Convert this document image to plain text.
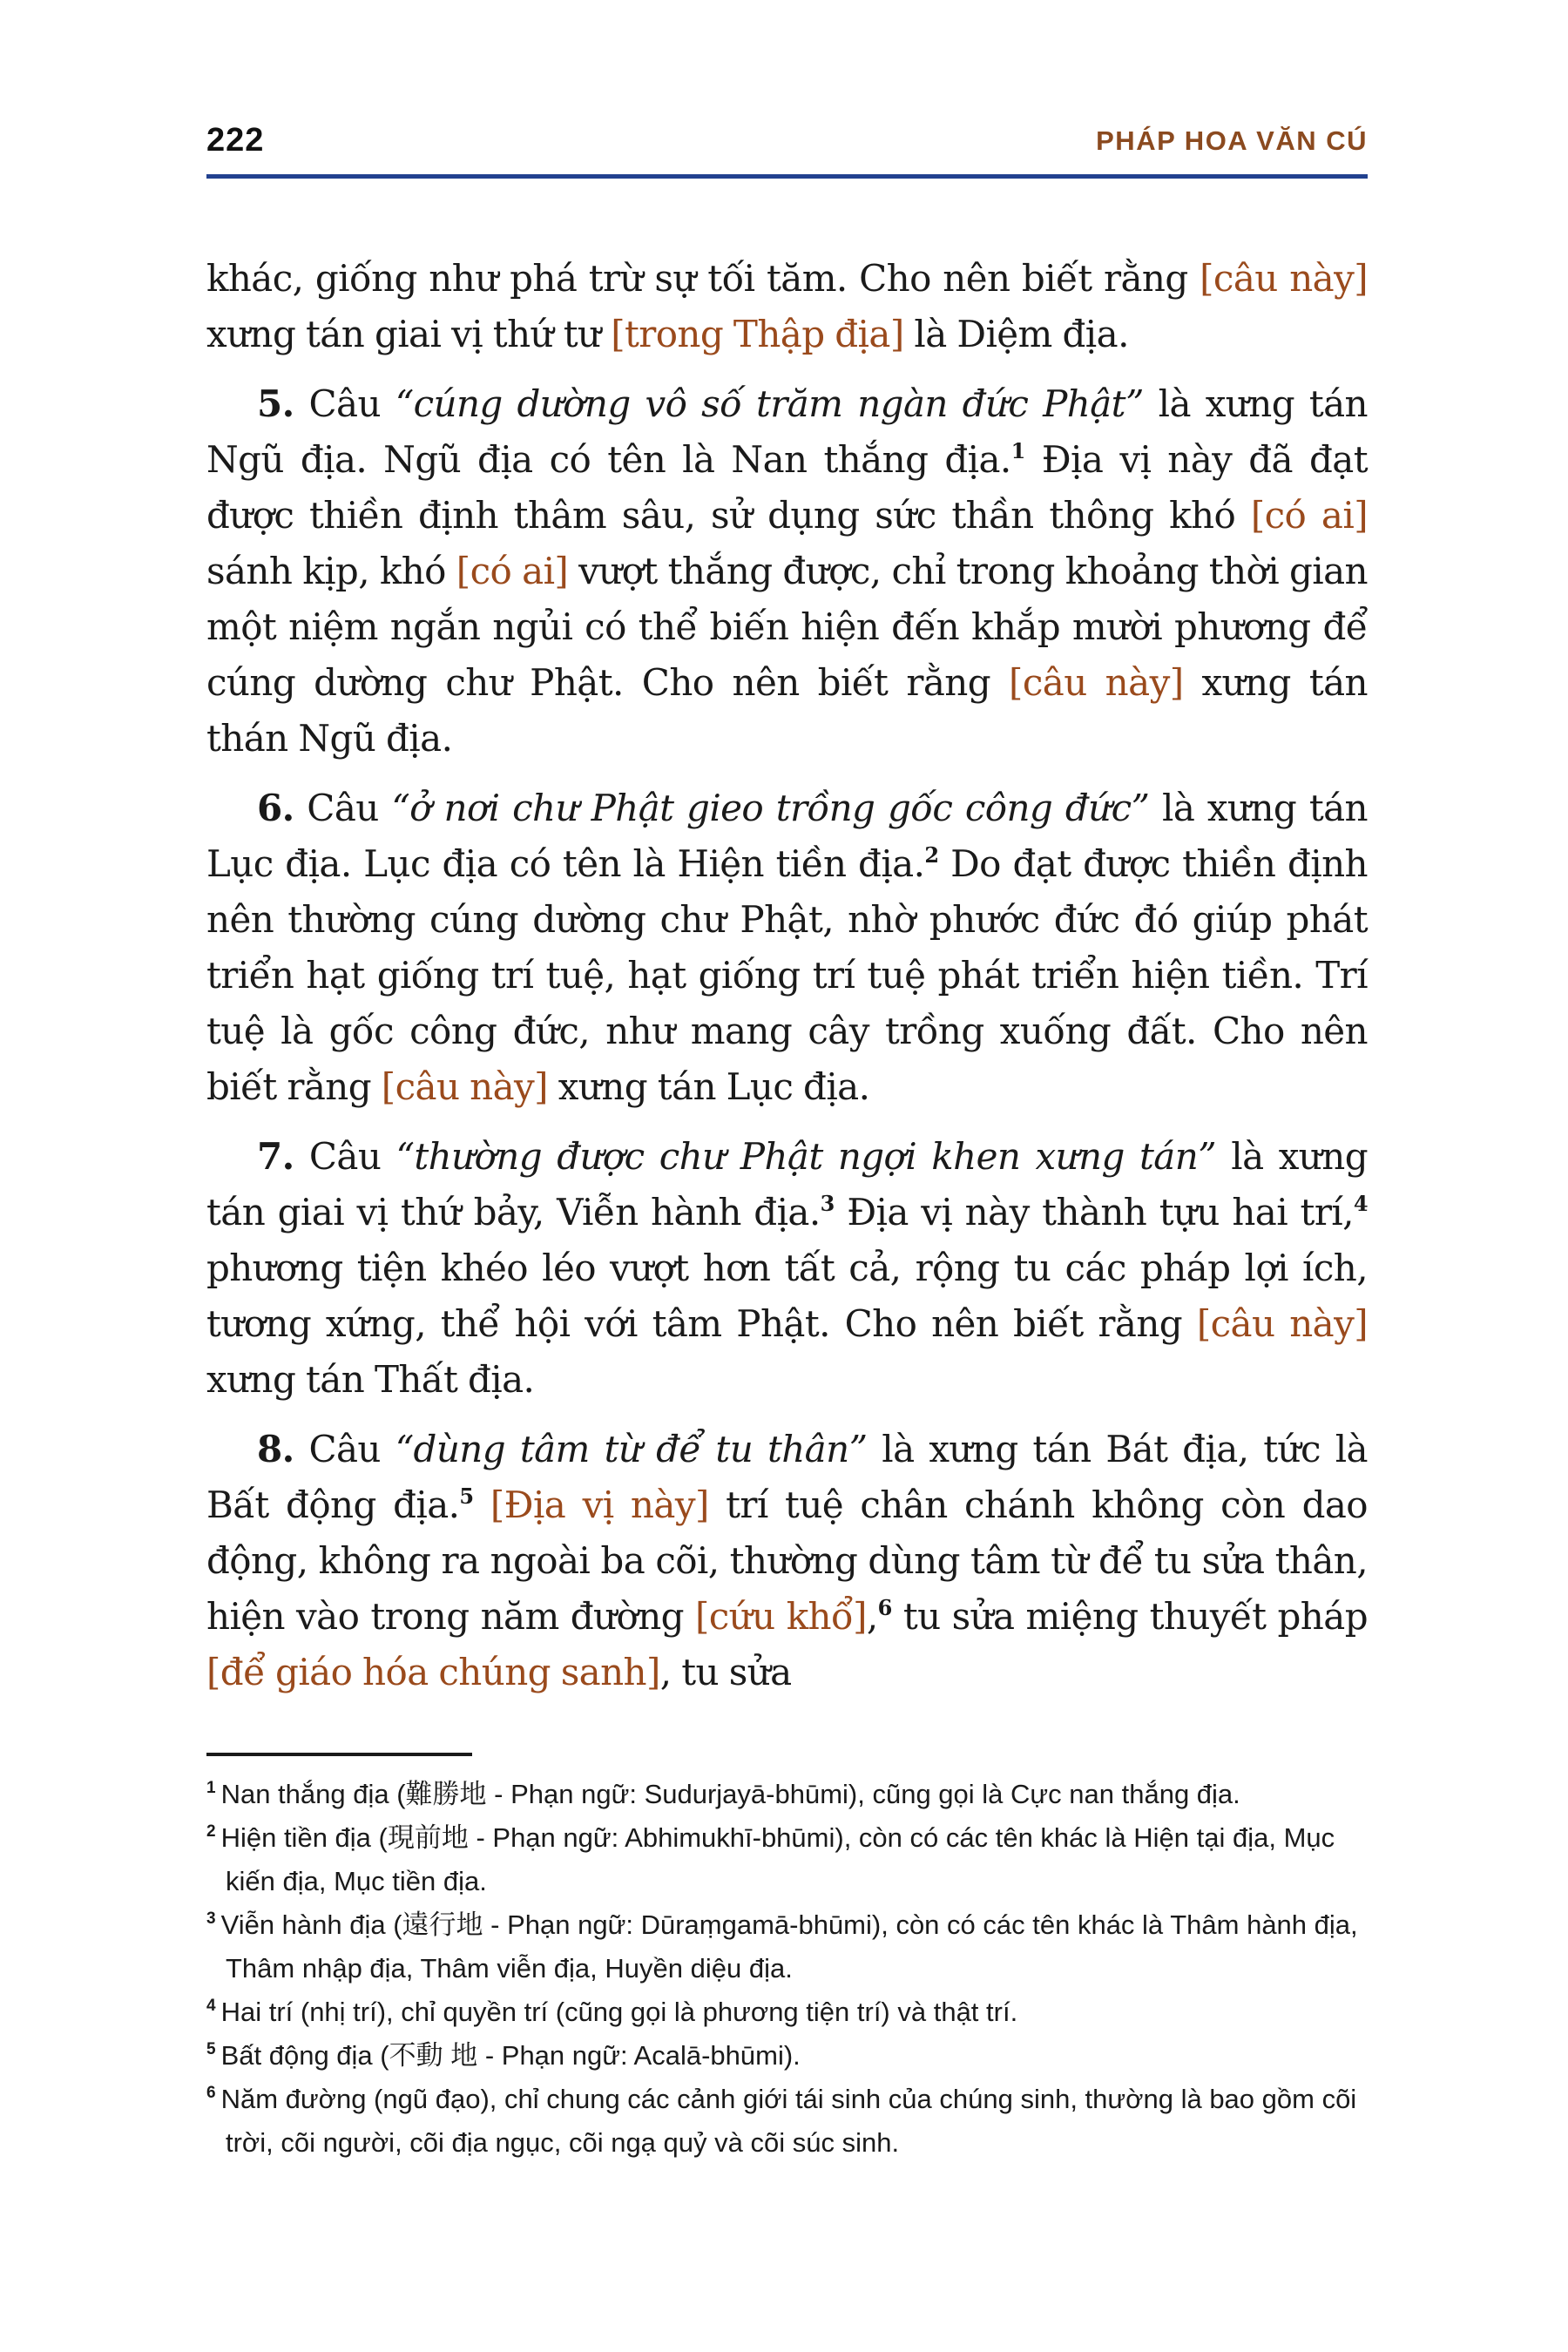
222	PHÁP HOA VĂN CÚ

khác, giống như phá trừ sự tối tăm. Cho nên biết rằng [câu này] xưng tán giai vị thứ tư [trong Thập địa] là Diệm địa.

5. Câu “cúng dường vô số trăm ngàn đức Phật” là xưng tán Ngũ địa. Ngũ địa có tên là Nan thắng địa.$^1$ Địa vị này đã đạt được thiền định thâm sâu, sử dụng sức thần thông khó [có ai] sánh kịp, khó [có ai] vượt thắng được, chỉ trong khoảng thời gian một niệm ngắn ngủi có thể biến hiện đến khắp mười phương để cúng dường chư Phật. Cho nên biết rằng [câu này] xưng tán thán Ngũ địa.

6. Câu “ở nơi chư Phật gieo trồng gốc công đức” là xưng tán Lục địa. Lục địa có tên là Hiện tiền địa.$^2$ Do đạt được thiền định nên thường cúng dường chư Phật, nhờ phước đức đó giúp phát triển hạt giống trí tuệ, hạt giống trí tuệ phát triển hiện tiền. Trí tuệ là gốc công đức, như mang cây trồng xuống đất. Cho nên biết rằng [câu này] xưng tán Lục địa.

7. Câu “thường được chư Phật ngợi khen xưng tán” là xưng tán giai vị thứ bảy, Viễn hành địa.$^3$ Địa vị này thành tựu hai trí,$^4$ phương tiện khéo léo vượt hơn tất cả, rộng tu các pháp lợi ích, tương xứng, thể hội với tâm Phật. Cho nên biết rằng [câu này] xưng tán Thất địa.

8. Câu “dùng tâm từ để tu thân” là xưng tán Bát địa, tức là Bất động địa.$^5$ [Địa vị này] trí tuệ chân chánh không còn dao động, không ra ngoài ba cõi, thường dùng tâm từ để tu sửa thân, hiện vào trong năm đường [cứu khổ],$^6$ tu sửa miệng thuyết pháp [để giáo hóa chúng sanh], tu sửa

$^1$ Nan thắng địa (難勝地 - Phạn ngữ: Sudurjayā-bhūmi), cũng gọi là Cực nan thắng địa.

$^2$ Hiện tiền địa (現前地 - Phạn ngữ: Abhimukhī-bhūmi), còn có các tên khác là Hiện tại địa, Mục kiến địa, Mục tiền địa.

$^3$ Viễn hành địa (遠行地 - Phạn ngữ: Dūraṃgamā-bhūmi), còn có các tên khác là Thâm hành địa, Thâm nhập địa, Thâm viễn địa, Huyền diệu địa.

$^4$ Hai trí (nhị trí), chỉ quyền trí (cũng gọi là phương tiện trí) và thật trí.

$^5$ Bất động địa (不動 地 - Phạn ngữ: Acalā-bhūmi).

$^6$ Năm đường (ngũ đạo), chỉ chung các cảnh giới tái sinh của chúng sinh, thường là bao gồm cõi trời, cõi người, cõi địa ngục, cõi ngạ quỷ và cõi súc sinh.
